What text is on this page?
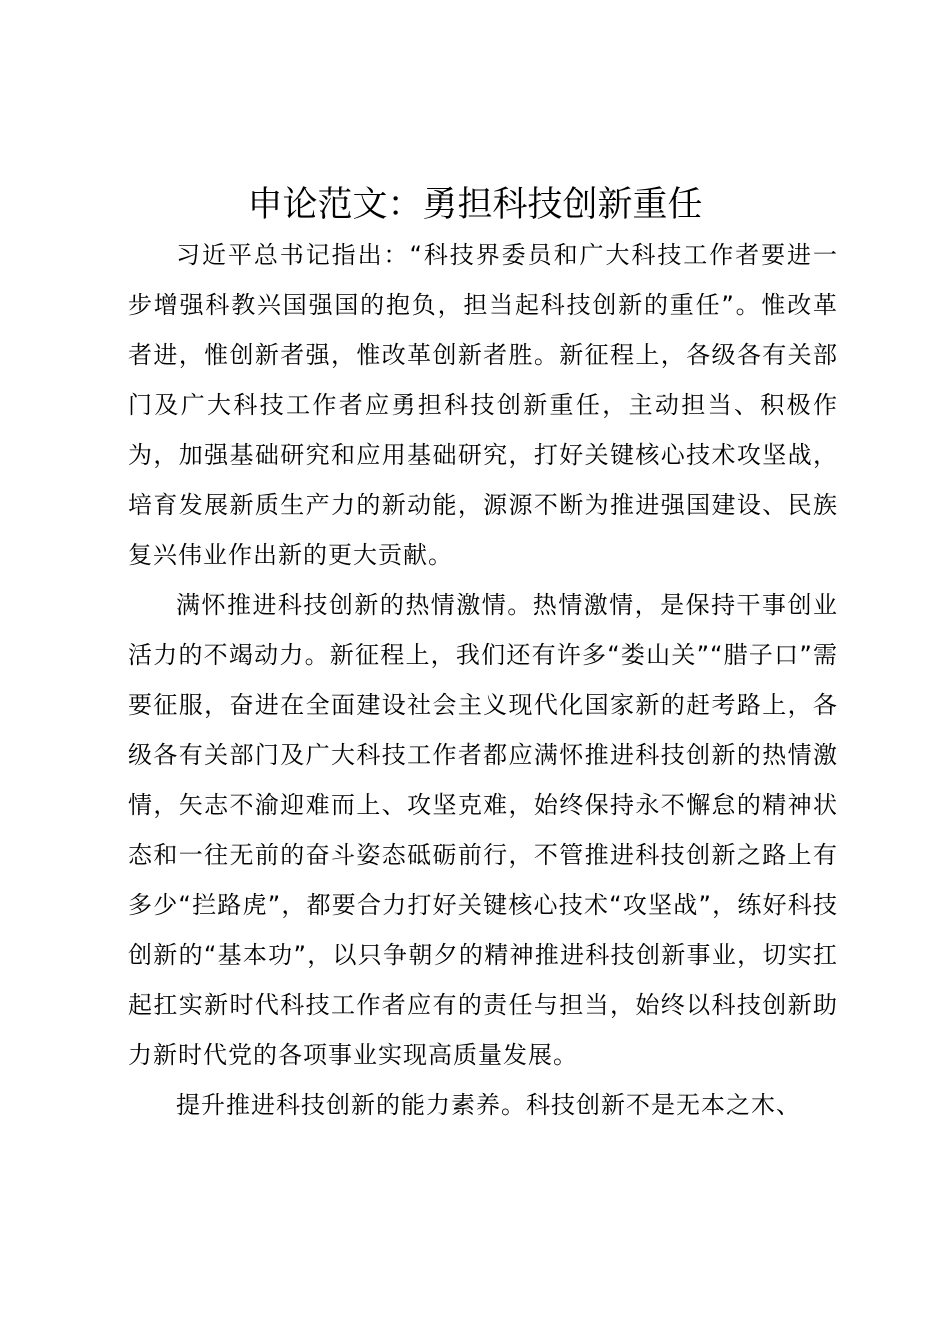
申论范文：勇担科技创新重任

习近平总书记指出：“科技界委员和广大科技工作者要进一步增强科教兴国强国的抱负，担当起科技创新的重任”。惟改革者进，惟创新者强，惟改革创新者胜。新征程上，各级各有关部门及广大科技工作者应勇担科技创新重任，主动担当、积极作为，加强基础研究和应用基础研究，打好关键核心技术攻坚战，培育发展新质生产力的新动能，源源不断为推进强国建设、民族复兴伟业作出新的更大贡献。

满怀推进科技创新的热情激情。热情激情，是保持干事创业活力的不竭动力。新征程上，我们还有许多“娄山关”“腊子口”需要征服，奋进在全面建设社会主义现代化国家新的赶考路上，各级各有关部门及广大科技工作者都应满怀推进科技创新的热情激情，矢志不渝迎难而上、攻坚克难，始终保持永不懈怠的精神状态和一往无前的奋斗姿态砥砺前行，不管推进科技创新之路上有多少“拦路虎”，都要合力打好关键核心技术“攻坚战”，练好科技创新的“基本功”，以只争朝夕的精神推进科技创新事业，切实扛起扛实新时代科技工作者应有的责任与担当，始终以科技创新助力新时代党的各项事业实现高质量发展。

提升推进科技创新的能力素养。科技创新不是无本之木、
